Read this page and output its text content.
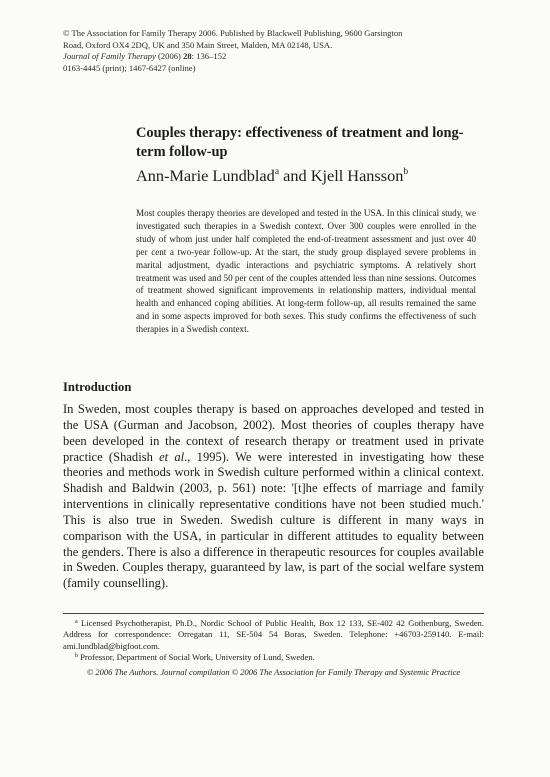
© The Association for Family Therapy 2006. Published by Blackwell Publishing, 9600 Garsington
Road, Oxford OX4 2DQ, UK and 350 Main Street, Malden, MA 02148, USA.
Journal of Family Therapy (2006) 28: 136–152
0163-4445 (print); 1467-6427 (online)
Couples therapy: effectiveness of treatment and long-term follow-up
Ann-Marie Lundblad$^a$ and Kjell Hansson$^b$
Most couples therapy theories are developed and tested in the USA. In this clinical study, we investigated such therapies in a Swedish context. Over 300 couples were enrolled in the study of whom just under half completed the end-of-treatment assessment and just over 40 per cent a two-year follow-up. At the start, the study group displayed severe problems in marital adjustment, dyadic interactions and psychiatric symptoms. A relatively short treatment was used and 50 per cent of the couples attended less than nine sessions. Outcomes of treatment showed significant improvements in relationship matters, individual mental health and enhanced coping abilities. At long-term follow-up, all results remained the same and in some aspects improved for both sexes. This study confirms the effectiveness of such therapies in a Swedish context.
Introduction
In Sweden, most couples therapy is based on approaches developed and tested in the USA (Gurman and Jacobson, 2002). Most theories of couples therapy have been developed in the context of research therapy or treatment used in private practice (Shadish et al., 1995). We were interested in investigating how these theories and methods work in Swedish culture performed within a clinical context. Shadish and Baldwin (2003, p. 561) note: '[t]he effects of marriage and family interventions in clinically representative conditions have not been studied much.' This is also true in Sweden. Swedish culture is different in many ways in comparison with the USA, in particular in different attitudes to equality between the genders. There is also a difference in therapeutic resources for couples available in Sweden. Couples therapy, guaranteed by law, is part of the social welfare system (family counselling).

$^a$ Licensed Psychotherapist, Ph.D., Nordic School of Public Health, Box 12 133, SE-402 42 Gothenburg, Sweden. Address for correspondence: Orregatan 11, SE-504 54 Boras, Sweden. Telephone: +46703-259140. E-mail: ami.lundblad@bigfoot.com.

$^b$ Professor, Department of Social Work, University of Lund, Sweden.

© 2006 The Authors. Journal compilation © 2006 The Association for Family Therapy and Systemic Practice
